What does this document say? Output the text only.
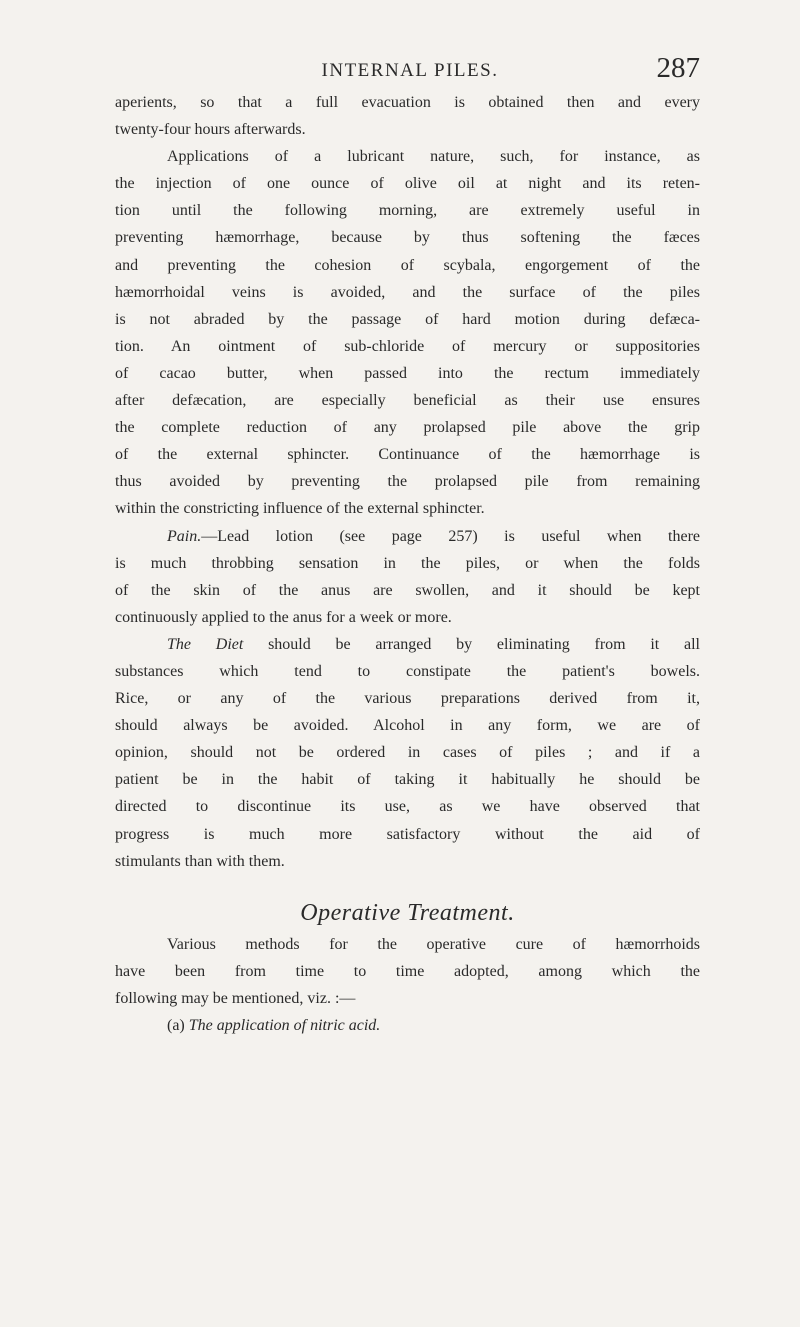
INTERNAL PILES.	287
aperients, so that a full evacuation is obtained then and every
twenty-four hours afterwards.
Applications of a lubricant nature, such, for instance, as
the injection of one ounce of olive oil at night and its reten-
tion until the following morning, are extremely useful in
preventing hæmorrhage, because by thus softening the fæces
and preventing the cohesion of scybala, engorgement of the
hæmorrhoidal veins is avoided, and the surface of the piles
is not abraded by the passage of hard motion during defæca-
tion. An ointment of sub-chloride of mercury or suppositories
of cacao butter, when passed into the rectum immediately
after defæcation, are especially beneficial as their use ensures
the complete reduction of any prolapsed pile above the grip
of the external sphincter. Continuance of the hæmorrhage is
thus avoided by preventing the prolapsed pile from remaining
within the constricting influence of the external sphincter.
Pain.—Lead lotion (see page 257) is useful when there
is much throbbing sensation in the piles, or when the folds
of the skin of the anus are swollen, and it should be kept
continuously applied to the anus for a week or more.
The Diet should be arranged by eliminating from it all
substances which tend to constipate the patient's bowels.
Rice, or any of the various preparations derived from it,
should always be avoided. Alcohol in any form, we are of
opinion, should not be ordered in cases of piles ; and if a
patient be in the habit of taking it habitually he should be
directed to discontinue its use, as we have observed that
progress is much more satisfactory without the aid of
stimulants than with them.
Operative Treatment.
Various methods for the operative cure of hæmorrhoids
have been from time to time adopted, among which the
following may be mentioned, viz. :—
(a) The application of nitric acid.
